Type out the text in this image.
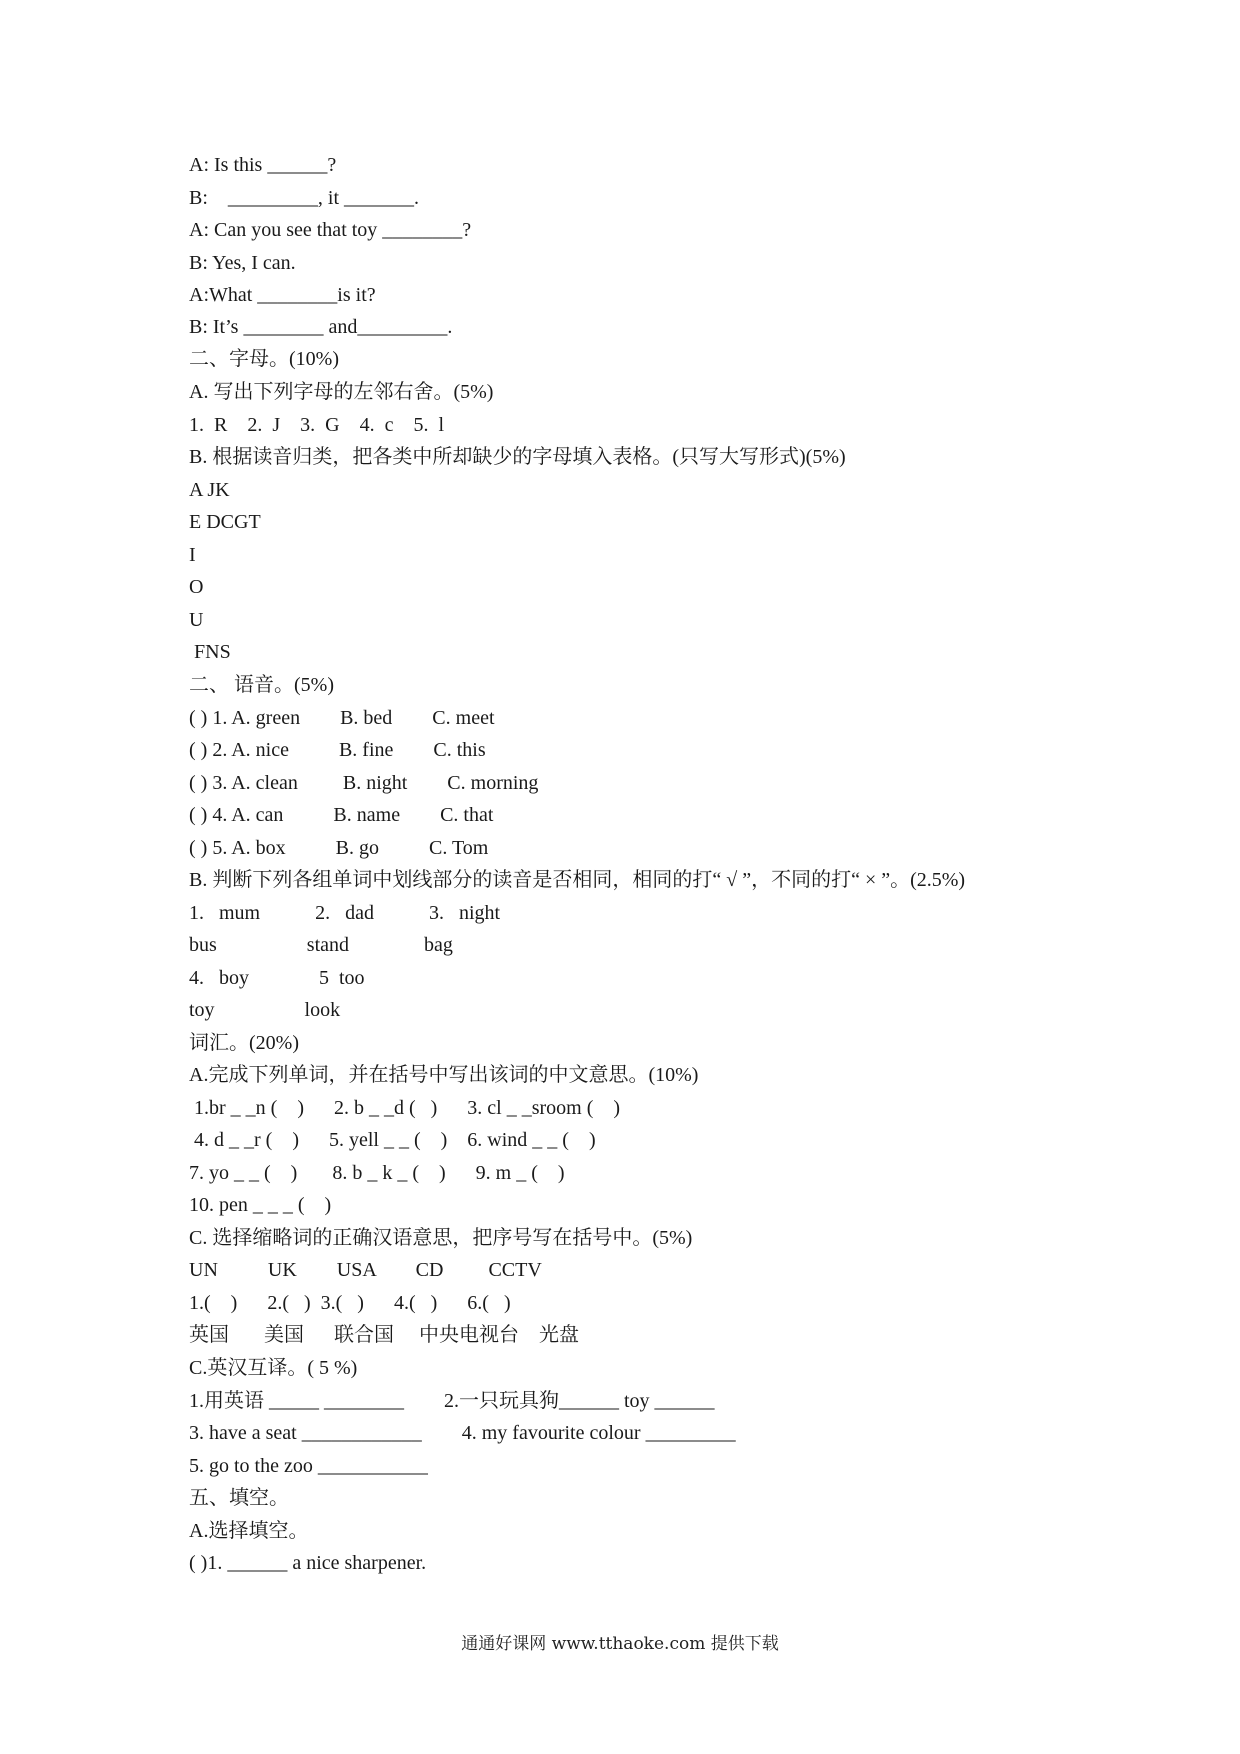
A: Is this ______?
B:    _________, it _______.
A: Can you see that toy ________?
B: Yes, I can.
A:What ________is it?
B: It’s ________ and_________.
二、字母。(10%)
A. 写出下列字母的左邻右舍。(5%)
1.  R    2.  J    3.  G    4.  c    5.  l
B. 根据读音归类，把各类中所却缺少的字母填入表格。(只写大写形式)(5%)
A JK
E DCGT
I
O
U
FNS
二、 语音。(5%)
( ) 1. A. green        B. bed        C. meet
( ) 2. A. nice          B. fine        C. this
( ) 3. A. clean         B. night        C. morning
( ) 4. A. can          B. name        C. that
( ) 5. A. box          B. go          C. Tom
B. 判断下列各组单词中划线部分的读音是否相同，相同的打“ √ ”，不同的打“ × ”。(2.5%)
1.   mum           2.   dad           3.   night
bus                  stand               bag
4.   boy              5  too
toy                  look
词汇。(20%)
A.完成下列单词，并在括号中写出该词的中文意思。(10%)
1.br _ _n (    )      2. b _ _d (   )      3. cl _ _sroom (    )
4. d _ _r (    )      5. yell _ _ (    )    6. wind _ _ (    )
7. yo _ _ (    )       8. b _ k _ (    )      9. m _ (    )
10. pen _ _ _ (    )
C. 选择缩略词的正确汉语意思，把序号写在括号中。(5%)
UN          UK        USA        CD         CCTV
1.(    )      2.(   )  3.(   )      4.(   )      6.(   )
英国       美国      联合国     中央电视台    光盘
C.英汉互译。( 5 %)
1.用英语 _____ ________        2.一只玩具狗______ toy ______
3. have a seat ____________        4. my favourite colour _________
5. go to the zoo ___________
五、填空。
A.选择填空。
( )1. ______ a nice sharpener.
通通好课网 www.tthaoke.com 提供下载
